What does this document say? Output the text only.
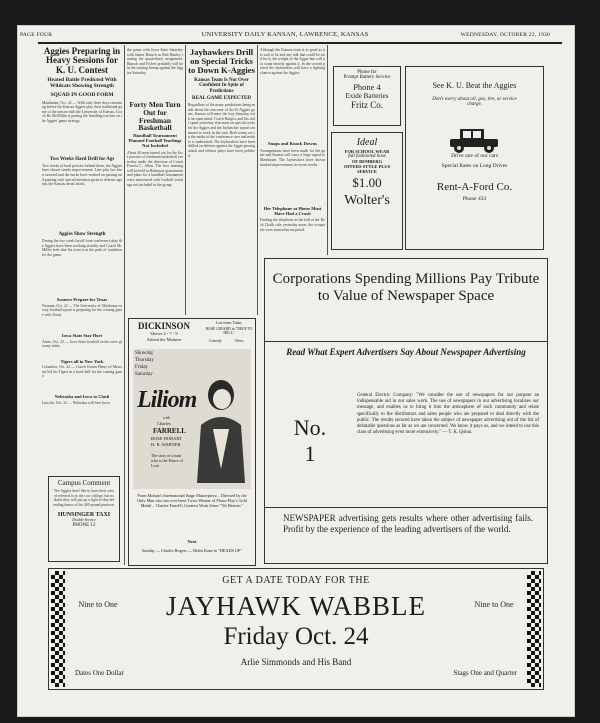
PAGE FOUR	UNIVERSITY DAILY KANSAN, LAWRENCE, KANSAS	WEDNESDAY, OCTOBER 22, 1930
Aggies Preparing in Heavy Sessions for K. U. Contest
Heated Battle Predicted With Wildcats Showing Strength
SQUAD IN GOOD FORM
Manhattan, Oct. 22 — With only three days remaining before the Kansas Aggies play their traditional game of the season with the University of Kansas, Coach Bo McMillin is putting the finishing touches on the Aggies' game strategy.
Two Weeks Hard Drill for Ags
Two weeks of hard practice behind them, the Aggies have shown steady improvement. Line play has been stressed and the backs have worked on passing and punting with special attention given to defense against the Kansas aerial attack.
Aggies Show Strength
During the two week layoff from conference play the Aggies have been working steadily and Coach McMillin feels that his team is at the peak of condition for the game.
Sooners Prepare for Texas
Norman, Oct. 22 — The University of Oklahoma varsity football squad is preparing for the coming game with Texas.
Iowa State Star Hurt
Ames, Oct. 22 — Iowa State football circles were gloomy today.
Tigers all in New York
Columbia, Oct. 22 — Coach Gwinn Henry of Missouri led his Tigers in a hard drill for the coming game.
Nebraska and Iowa to Clash
Lincoln, Oct. 22 — Nebraska will face Iowa.
Campus Comment
The Aggies don't like to have their school referred to as the cow college; but no doubt they will put up a fight to-day defending honor of the 400-pound pontoon.
HUNSINGER TAXI
Double-Service
PHONE 12
the game with Iowa State Saturday with James Bausch as Bob Hanley turning the quarterback assignment. Bausch and Forbes probably will be in the starting lineup against the Aggies Saturday.
Forty Men Turn Out for Freshman Basketball
Handball Tournament Planned Football Yearlings Not Included
About 40 men turned out for the first practice of freshman basketball yesterday under the direction of Coach Forrest C. Allen. The first meeting will be held in Robinson gymnasium and plans for a handball tournament were announced with football yearlings not included in the group.
Jayhawkers Drill on Special Tricks to Down K-Aggies
Kansas Team Is Not Over Confident In Spite of Predictions
REAL GAME EXPECTED
Regardless of the many predictions being made about the outcome of the K-Aggies game, Kansas will enter the fray Saturday with an open mind. Coach Hargiss and his staff spent yesterday afternoon on special tricks for the Aggies and the Jayhawker squad continued to work in the rain. Both teams are in the midst of the conference race and neither is underrated. The Jayhawkers have been drilled on defense against the Aggie passing attack and offense plays have been polished.
Although the Kansas team is as good as it is said to be and any talk that could be said for it, the weight of the Aggie line will not count heavily against it. In the second period the Jayhawkers will have a fighting chance against the Aggies.
Snaps and Knock Downs
Arrangements have been made for the game and Kansas will carry a large squad to Manhattan. The Jayhawkers have shown marked improvement in recent weeks.
Her Telephone at Home Must Have Had a Crash
Finding the telephone in the hall at the Rock Chalk cafe yesterday noon, the occupants were somewhat surprised.
Phone for
Prompt Battery Service
Phone 4
Exide Batteries
Fritz Co.
Ideal
FOR SCHOOL WEAR
full fashioned hose
OF BEMBERG
OFFERS STYLE PLUS
SERVICE
$1.00
Wolter's
See K. U. Beat the Aggies
Don't worry about oil, gas, tire, or service charge.
Drive one of our cars
Special Rates on Long Drives
Rent-A-Ford Co.
Phone 433
DICKINSON
Shows 2 - 7 - 9
Attend the Matinee
Last times Today
ROSE GIRARD in "DEEP TO HELL"
Comedy	News
Showing
Thursday
Friday
Saturday
Liliom
with
Charles
FARRELL
ROSE HOBART
H. B. WARNER
The story of a man who is the Prince of Love
From Molnar's International Stage Masterpiece... Directed by the Only Man who has ever been Twice Winner of Photo-Play's Gold Medal... Charles Farrell's Greatest Work Since "7th Heaven."
Next
Sunday — Charles Rogers — Helen Kane in "HEADS UP"
Corporations Spending Millions Pay Tribute to Value of Newspaper Space
Read What Expert Advertisers Say About Newspaper Advertising
No.
1
General Electric Company: "We consider the use of newspapers for our purpose an indispensable aid in our sales work. The use of newspapers in our advertising localizes our message, and enables us to bring it into the atmosphere of each community and relate specifically to the distributors and sales people who are prepared to deal directly with the public. The results secured have taken the subject of newspaper advertising out of the list of debatable questions as far as we are concerned. We know it pays us, and we intend to use this class of advertising even more extensively." — T. K. Quinn.
NEWSPAPER advertising gets results where other advertising fails. Profit by the experience of the leading advertisers of the world.
Nine to One	Nine to One
GET A DATE TODAY FOR THE
JAYHAWK WABBLE
Friday Oct. 24
Arlie Simmonds and His Band
Dates One Dollar	Stags One and Quarter
